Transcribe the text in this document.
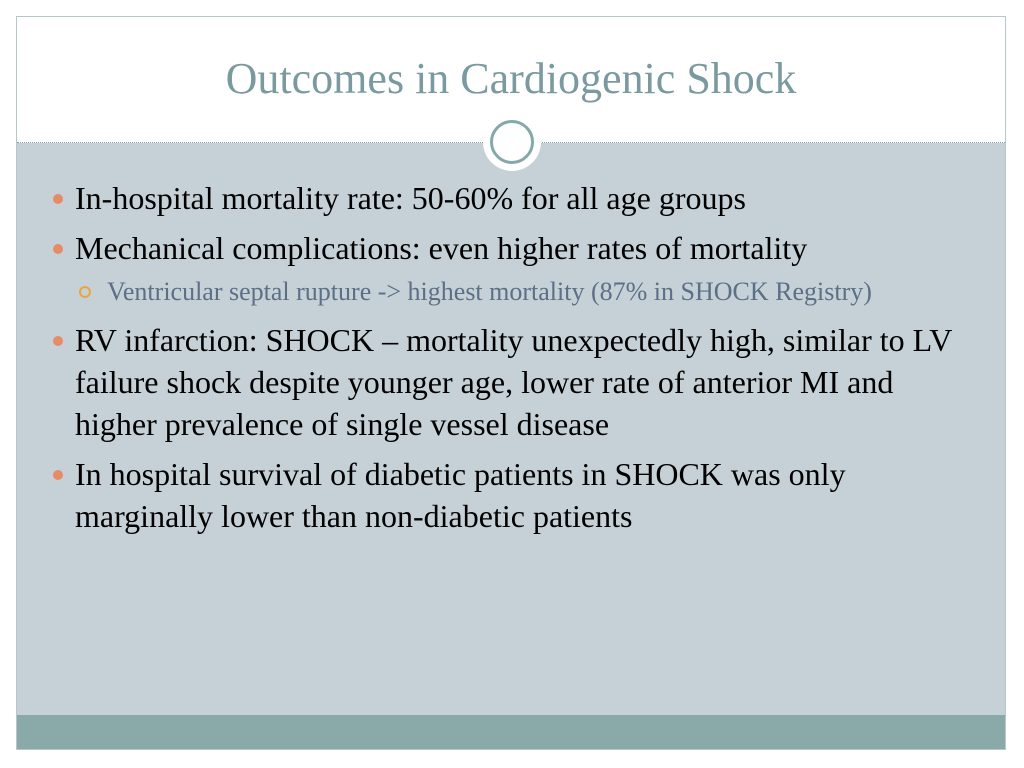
Outcomes in Cardiogenic Shock
In-hospital mortality rate: 50-60% for all age groups
Mechanical complications: even higher rates of mortality
Ventricular septal rupture -> highest mortality (87% in SHOCK Registry)
RV infarction: SHOCK – mortality unexpectedly high, similar to LV failure shock despite younger age, lower rate of anterior MI and higher prevalence of single vessel disease
In hospital survival of diabetic patients in SHOCK was only marginally lower than non-diabetic patients
